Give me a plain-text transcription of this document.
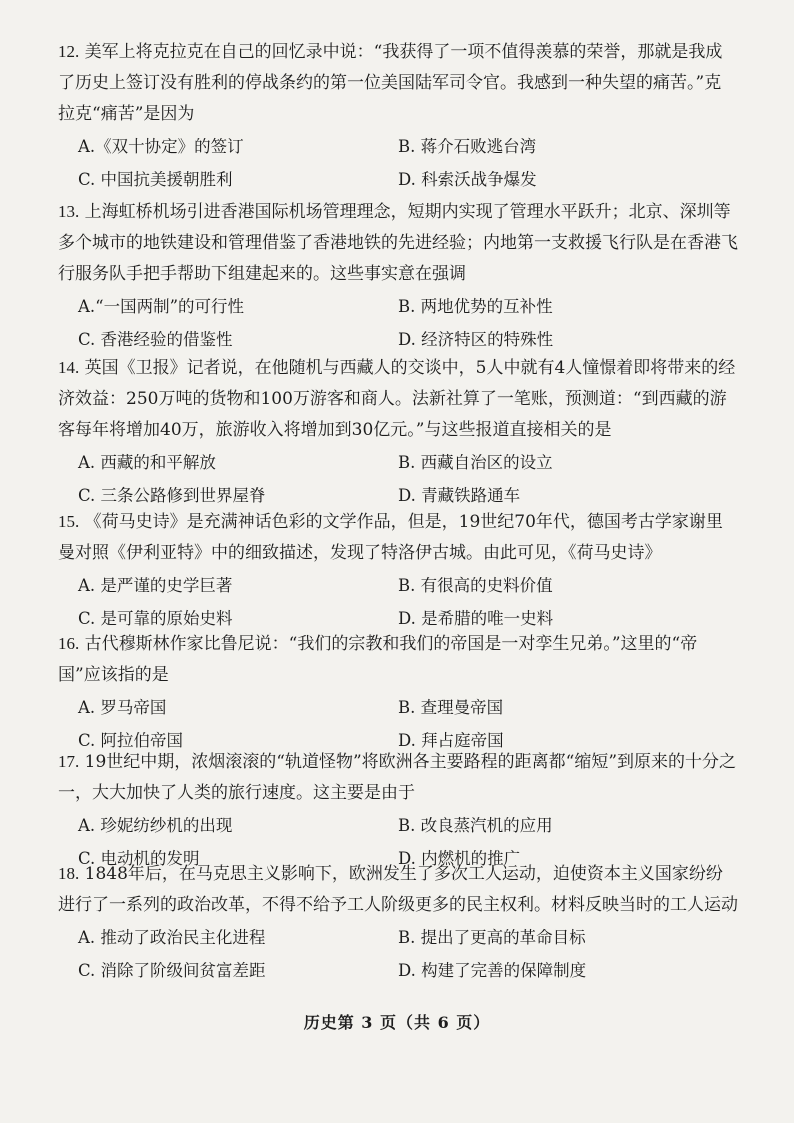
12. 美军上将克拉克在自己的回忆录中说：“我获得了一项不值得羡慕的荣誉，那就是我成了历史上签订没有胜利的停战条约的第一位美国陆军司令官。我感到一种失望的痛苦。”克拉克“痛苦”是因为
A.《双十协定》的签订	B. 蒋介石败逃台湾
C. 中国抗美援朝胜利	D. 科索沃战争爆发
13. 上海虹桥机场引进香港国际机场管理理念，短期内实现了管理水平跃升；北京、深圳等多个城市的地铁建设和管理借鉴了香港地铁的先进经验；内地第一支救援飞行队是在香港飞行服务队手把手帮助下组建起来的。这些事实意在强调
A.“一国两制”的可行性	B. 两地优势的互补性
C. 香港经验的借鉴性	D. 经济特区的特殊性
14. 英国《卫报》记者说，在他随机与西藏人的交谈中，5人中就有4人憧憬着即将带来的经济效益：250万吨的货物和100万游客和商人。法新社算了一笔账，预测道：“到西藏的游客每年将增加40万，旅游收入将增加到30亿元。”与这些报道直接相关的是
A. 西藏的和平解放	B. 西藏自治区的设立
C. 三条公路修到世界屋脊	D. 青藏铁路通车
15. 《荷马史诗》是充满神话色彩的文学作品，但是，19世纪70年代，德国考古学家谢里曼对照《伊利亚特》中的细致描述，发现了特洛伊古城。由此可见，《荷马史诗》
A. 是严谨的史学巨著	B. 有很高的史料价值
C. 是可靠的原始史料	D. 是希腊的唯一史料
16. 古代穆斯林作家比鲁尼说：“我们的宗教和我们的帝国是一对孪生兄弟。”这里的“帝国”应该指的是
A. 罗马帝国	B. 查理曼帝国
C. 阿拉伯帝国	D. 拜占庭帝国
17. 19世纪中期，浓烟滚滚的“轨道怪物”将欧洲各主要路程的距离都“缩短”到原来的十分之一，大大加快了人类的旅行速度。这主要是由于
A. 珍妮纺纱机的出现	B. 改良蒸汽机的应用
C. 电动机的发明	D. 内燃机的推广
18. 1848年后，在马克思主义影响下，欧洲发生了多次工人运动，迫使资本主义国家纷纷进行了一系列的政治改革，不得不给予工人阶级更多的民主权利。材料反映当时的工人运动
A. 推动了政治民主化进程	B. 提出了更高的革命目标
C. 消除了阶级间贫富差距	D. 构建了完善的保障制度
历史第 3 页（共 6 页）
